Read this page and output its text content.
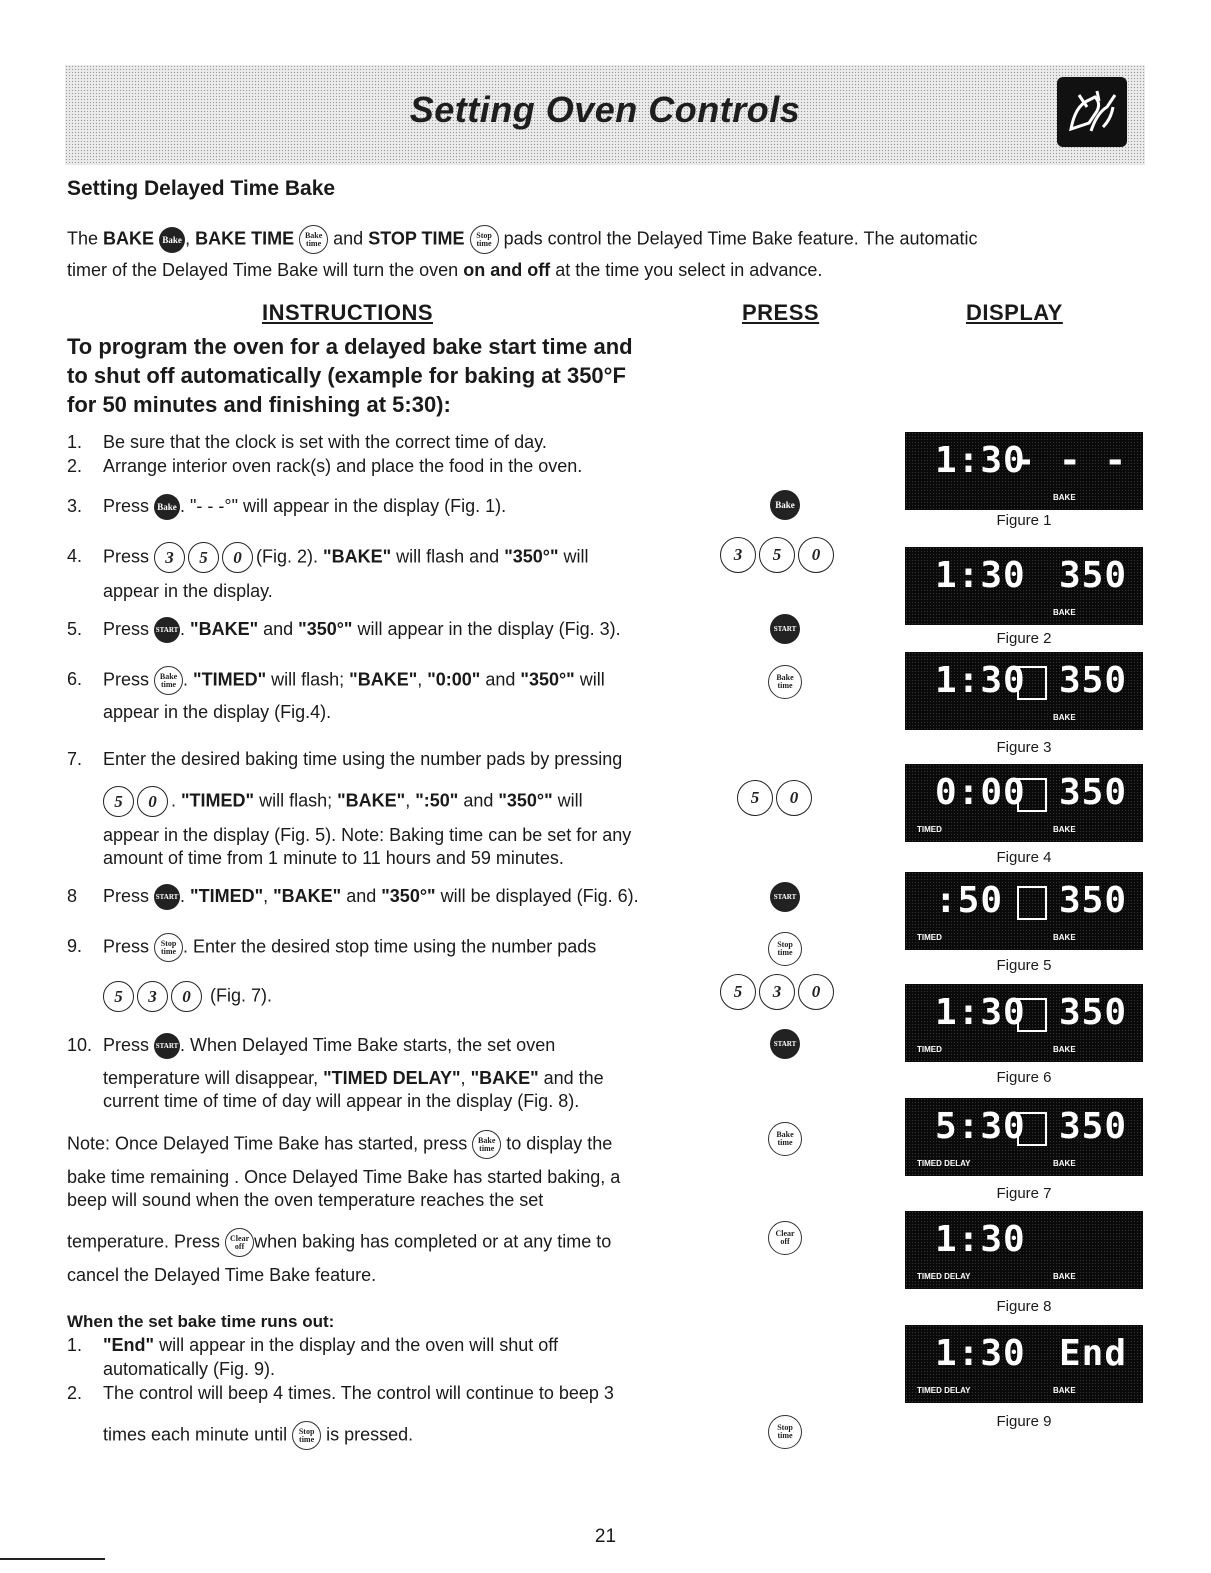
Setting Oven Controls
Setting Delayed Time Bake
The BAKE Bake , BAKE TIME Bake
time and STOP TIME Stop
time pads control the Delayed Time Bake feature. The automatic
timer of the Delayed Time Bake will turn the oven on and off at the time you select in advance.
INSTRUCTIONS	PRESS	DISPLAY
To program the oven for a delayed bake start time and
to shut off automatically (example for baking at 350°F
for 50 minutes and finishing at 5:30):
1. Be sure that the clock is set with the correct time of day.
2. Arrange interior oven rack(s) and place the food in the oven.
3. Press Bake . "- - -°" will appear in the display (Fig. 1).
4. Press 3 5 0 (Fig. 2). "BAKE" will flash and "350°" will
appear in the display.
5. Press START . "BAKE" and "350°" will appear in the display (Fig. 3).
6. Press Bake
time . "TIMED" will flash; "BAKE", "0:00" and "350°" will
appear in the display (Fig.4).
7. Enter the desired baking time using the number pads by pressing
5 0 . "TIMED" will flash; "BAKE", ":50" and "350°" will
appear in the display (Fig. 5). Note: Baking time can be set for any
amount of time from 1 minute to 11 hours and 59 minutes.
8 Press START . "TIMED", "BAKE" and "350°" will be displayed (Fig. 6).
9. Press Stop
time . Enter the desired stop time using the number pads
5 3 0 (Fig. 7).
10. Press START . When Delayed Time Bake starts, the set oven
temperature will disappear, "TIMED DELAY", "BAKE" and the
current time of time of day will appear in the display (Fig. 8).
Note: Once Delayed Time Bake has started, press Bake
time to display the
bake time remaining . Once Delayed Time Bake has started baking, a
beep will sound when the oven temperature reaches the set
temperature. Press Clear
off when baking has completed or at any time to
cancel the Delayed Time Bake feature.
When the set bake time runs out:
1. "End" will appear in the display and the oven will shut off
automatically (Fig. 9).
2. The control will beep 4 times. The control will continue to beep 3
times each minute until Stop
time is pressed.
Bake
3 5 0
START
Bake
time
5 0
START
Stop
time
5 3 0
START
Bake
time
Clear
off
Stop
time
1:30
- - -
BAKE
Figure 1
1:30 350
BAKE
Figure 2
1:30 350
BAKE
Figure 3
0:00 350
TIMED	BAKE
Figure 4
:50 350
TIMED	BAKE
Figure 5
1:30 350
TIMED	BAKE
Figure 6
5:30 350
TIMED DELAY	BAKE
Figure 7
1:30
TIMED DELAY	BAKE
Figure 8
1:30 End
TIMED DELAY	BAKE
Figure 9
21
